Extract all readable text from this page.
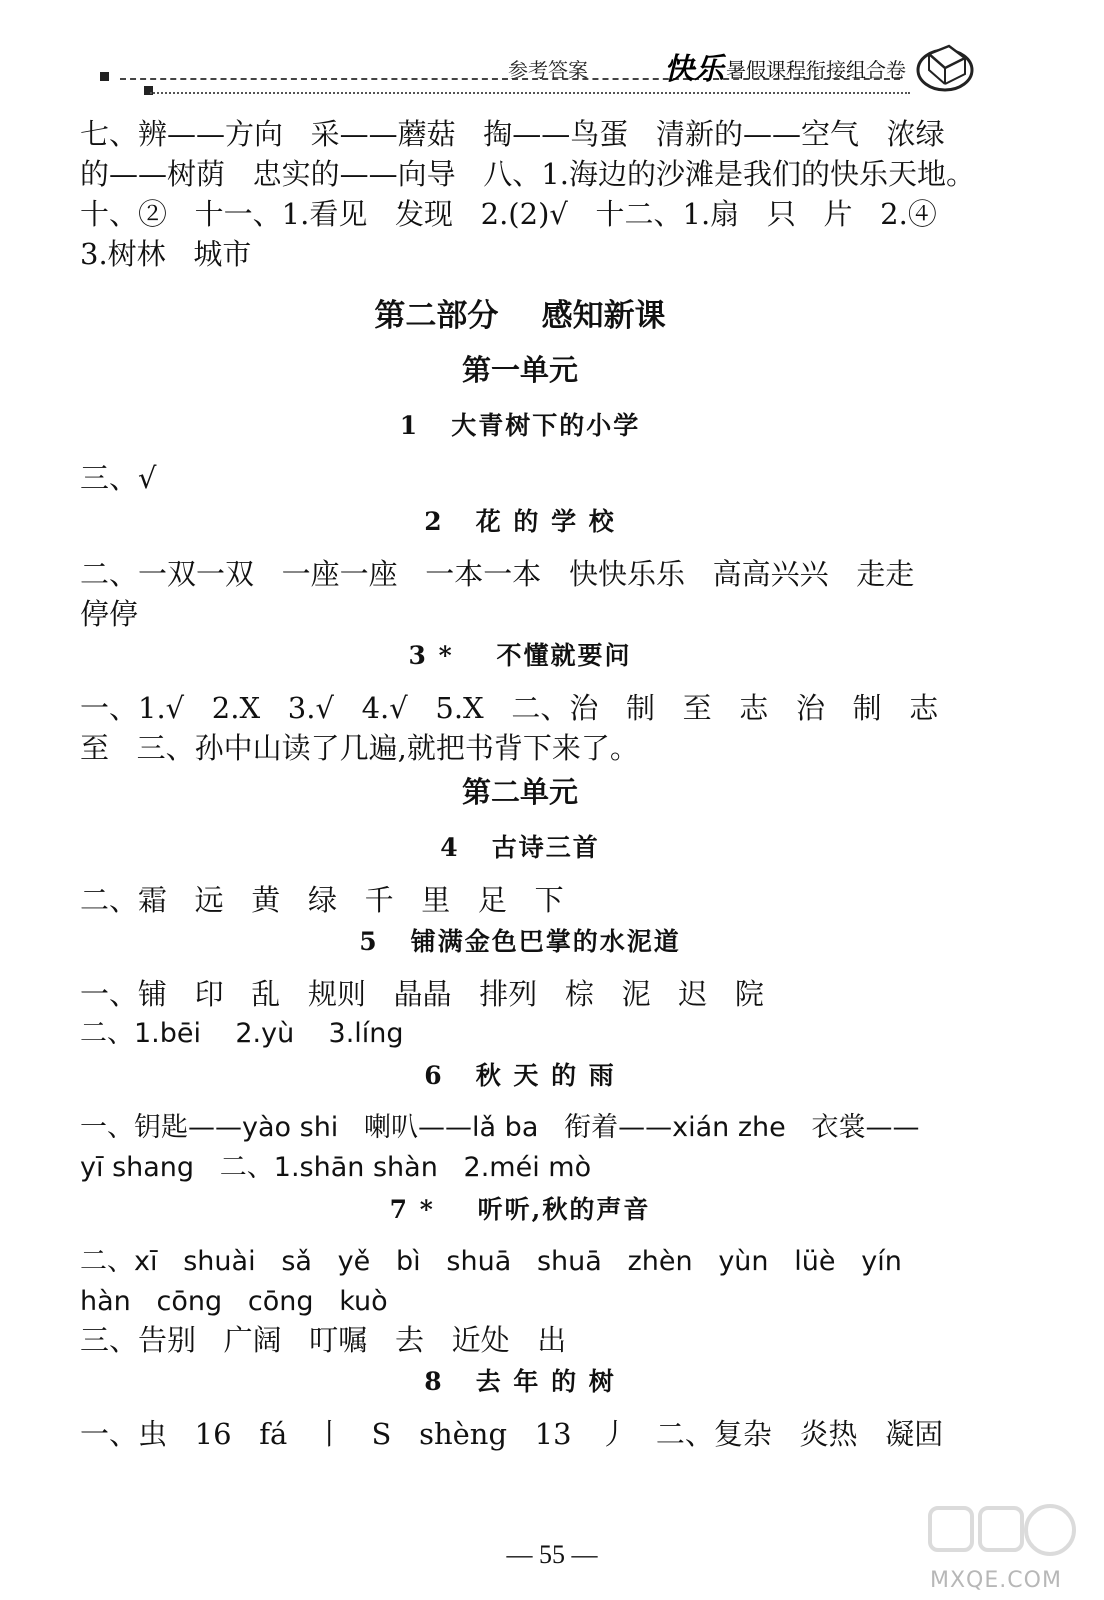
参考答案	快乐 暑假课程衔接组合卷
七、辨——方向   采——蘑菇   掏——鸟蛋   清新的——空气   浓绿
的——树荫   忠实的——向导   八、1.海边的沙滩是我们的快乐天地。
十、②   十一、1.看见   发现   2.(2)√   十二、1.扇   只   片   2.④
3.树林   城市
第二部分    感知新课
第一单元
1   大青树下的小学
三、√
2   花 的 学 校
二、一双一双   一座一座   一本一本   快快乐乐   高高兴兴   走走
停停
3 *    不懂就要问
一、1.√   2.X   3.√   4.√   5.X   二、治   制   至   志   治   制   志
至   三、孙中山读了几遍,就把书背下来了。
第二单元
4   古诗三首
二、霜   远   黄   绿   千   里   足   下
5   铺满金色巴掌的水泥道
一、铺   印   乱   规则   晶晶   排列   棕   泥   迟   院
二、1.bēi    2.yù    3.líng
6   秋 天 的 雨
一、钥匙——yào shi   喇叭——lǎ ba   衔着——xián zhe   衣裳——
yī shang   二、1.shān shàn   2.méi mò
7 *    听听,秋的声音
二、xī   shuài   sǎ   yě   bì   shuā   shuā   zhèn   yùn   lüè   yín
hàn   cōng   cōng   kuò
三、告别   广阔   叮嘱   去   近处   出
8   去 年 的 树
一、虫   16   fá   丨   S   shèng   13   丿   二、复杂   炎热   凝固
— 55 —
MXQE.COM
